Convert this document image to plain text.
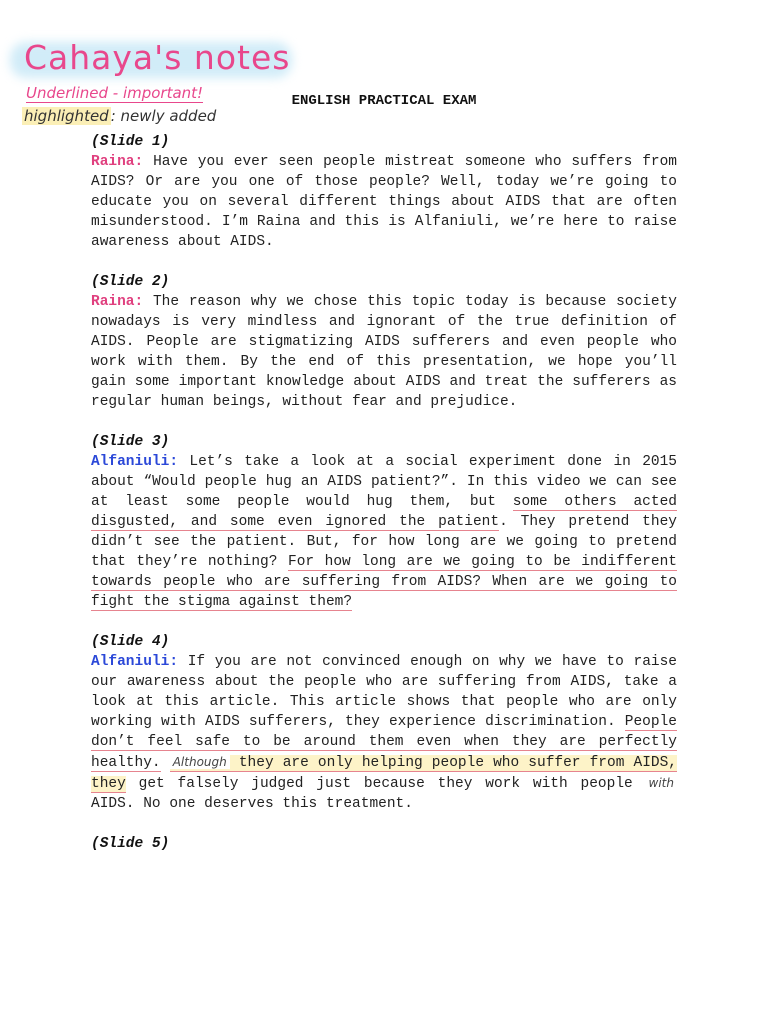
Cahaya's notes
Underlined - important!
highlighted : newly added
ENGLISH PRACTICAL EXAM
(Slide 1)

Raina: Have you ever seen people mistreat someone who suffers from AIDS? Or are you one of those people? Well, today we’re going to educate you on several different things about AIDS that are often misunderstood. I’m Raina and this is Alfaniuli, we’re here to raise awareness about AIDS.

(Slide 2)

Raina: The reason why we chose this topic today is because society nowadays is very mindless and ignorant of the true definition of AIDS. People are stigmatizing AIDS sufferers and even people who work with them. By the end of this presentation, we hope you’ll gain some important knowledge about AIDS and treat the sufferers as regular human beings, without fear and prejudice.

(Slide 3)

Alfaniuli: Let’s take a look at a social experiment done in 2015 about “Would people hug an AIDS patient?”. In this video we can see at least some people would hug them, but some others acted disgusted, and some even ignored the patient. They pretend they didn’t see the patient. But, for how long are we going to pretend that they’re nothing? For how long are we going to be indifferent towards people who are suffering from AIDS? When are we going to fight the stigma against them?

(Slide 4)

Alfaniuli: If you are not convinced enough on why we have to raise our awareness about the people who are suffering from AIDS, take a look at this article. This article shows that people who are only working with AIDS sufferers, they experience discrimination. People don’t feel safe to be around them even when they are perfectly healthy. Although they are only helping people who suffer from AIDS, they get falsely judged just because they work with people with AIDS. No one deserves this treatment.

(Slide 5)
